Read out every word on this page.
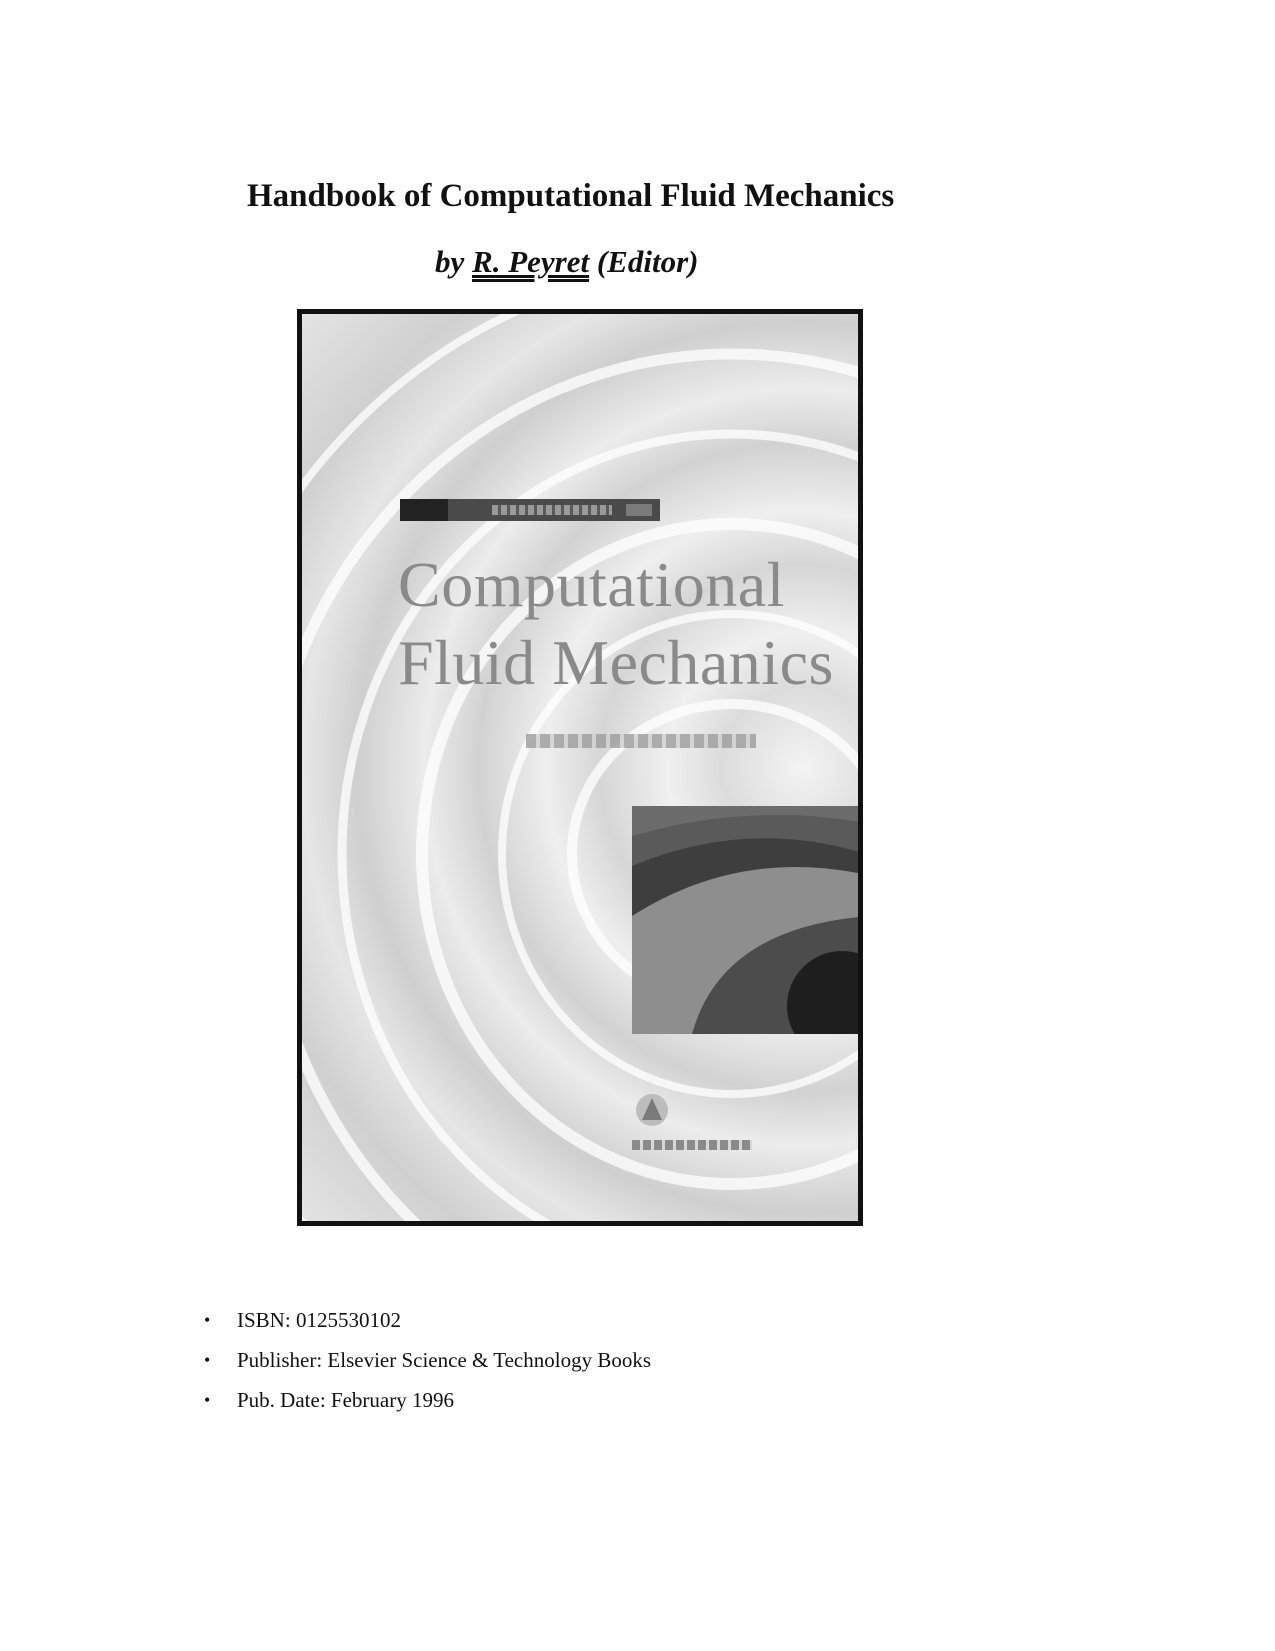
Handbook of Computational Fluid Mechanics
by R. Peyret (Editor)
Computational
Fluid Mechanics
• ISBN: 0125530102
• Publisher: Elsevier Science & Technology Books
• Pub. Date: February 1996
